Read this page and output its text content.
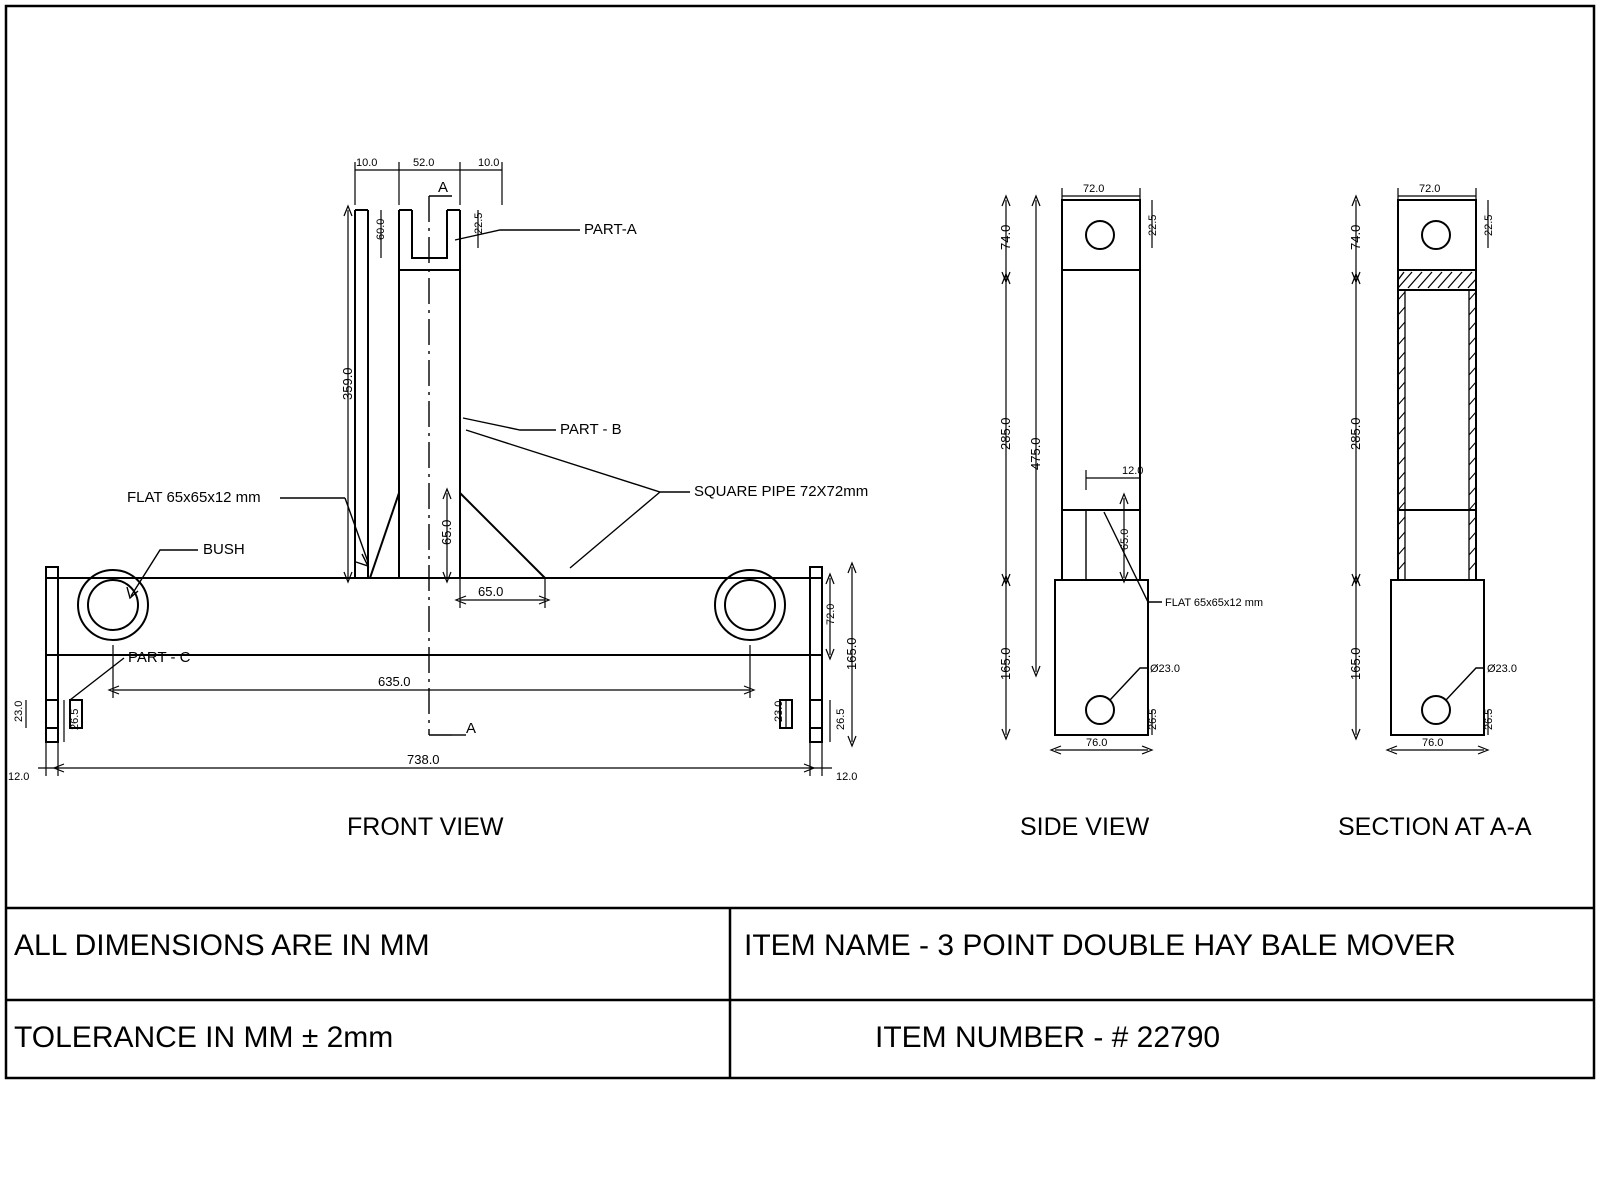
A
A
10.0	52.0	10.0
60.0	22.5
359.0
65.0
65.0
72.0
165.0
635.0
738.0
12.0	12.0
23.0	26.5	23.0	26.5
PART-A
PART - B
SQUARE PIPE 72X72mm
FLAT 65x65x12 mm
BUSH
PART - C
72.0
22.5
74.0
285.0
475.0
165.0
12.0
65.0
26.5
76.0
Ø23.0
FLAT 65x65x12 mm
72.0
22.5
74.0
285.0
165.0
26.5
76.0
Ø23.0
FRONT VIEW	SIDE VIEW	SECTION AT A-A
ALL DIMENSIONS ARE IN MM
TOLERANCE IN MM ± 2mm
ITEM NAME - 3 POINT DOUBLE HAY BALE MOVER
ITEM NUMBER - # 22790
